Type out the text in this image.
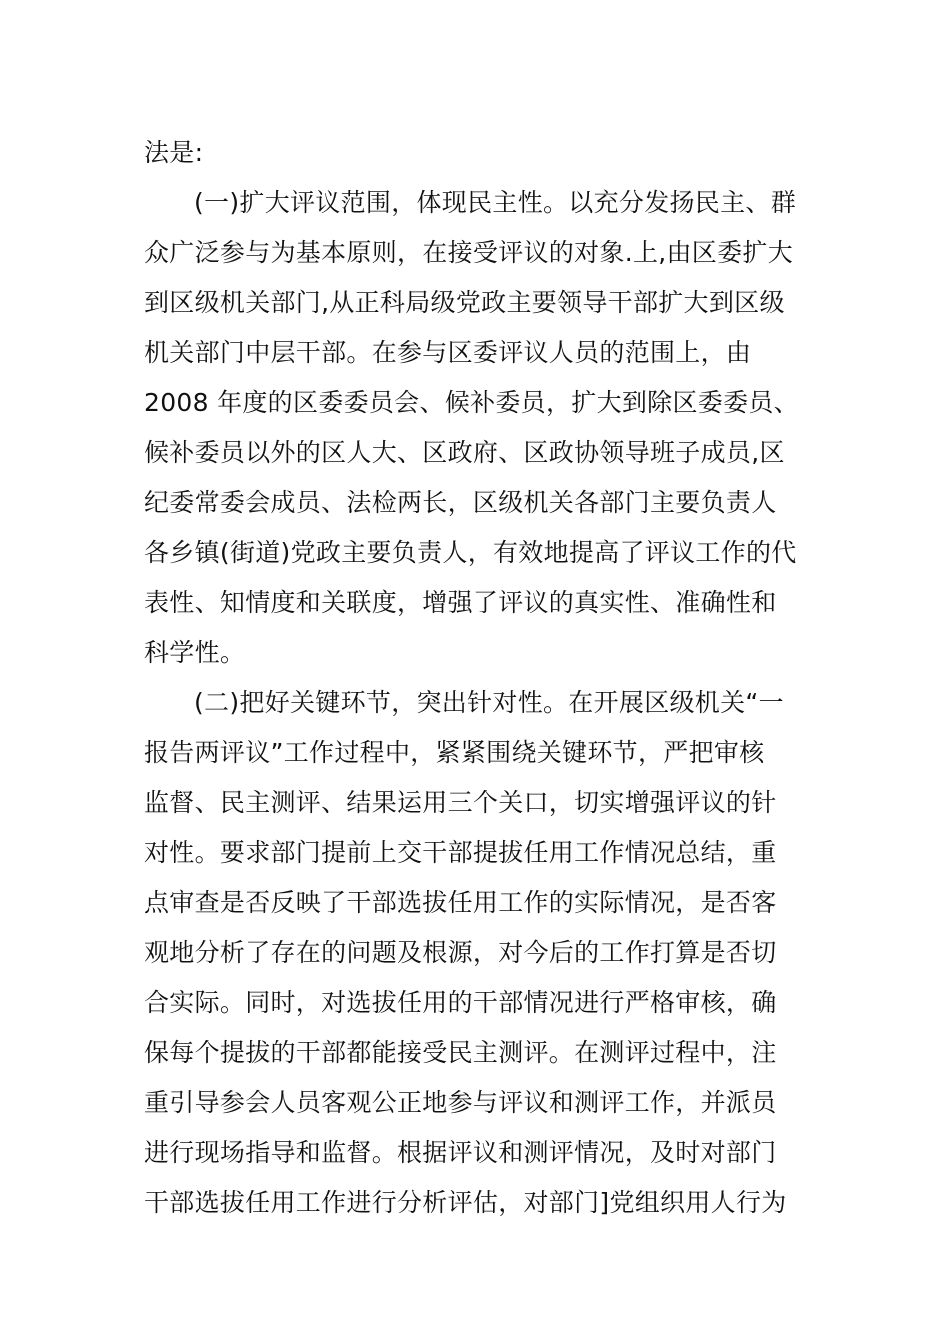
法是:
(一)扩大评议范围，体现民主性。以充分发扬民主、群
众广泛参与为基本原则，在接受评议的对象.上,由区委扩大
到区级机关部门,从正科局级党政主要领导干部扩大到区级
机关部门中层干部。在参与区委评议人员的范围上，由
2008 年度的区委委员会、候补委员，扩大到除区委委员、
候补委员以外的区人大、区政府、区政协领导班子成员,区
纪委常委会成员、法检两长，区级机关各部门主要负责人
各乡镇(街道)党政主要负责人，有效地提高了评议工作的代
表性、知情度和关联度，增强了评议的真实性、准确性和
科学性。
(二)把好关键环节，突出针对性。在开展区级机关“一
报告两评议”工作过程中，紧紧围绕关键环节，严把审核
监督、民主测评、结果运用三个关口，切实增强评议的针
对性。要求部门提前上交干部提拔任用工作情况总结，重
点审查是否反映了干部选拔任用工作的实际情况，是否客
观地分析了存在的问题及根源，对今后的工作打算是否切
合实际。同时，对选拔任用的干部情况进行严格审核，确
保每个提拔的干部都能接受民主测评。在测评过程中，注
重引导参会人员客观公正地参与评议和测评工作，并派员
进行现场指导和监督。根据评议和测评情况，及时对部门
干部选拔任用工作进行分析评估，对部门]党组织用人行为
